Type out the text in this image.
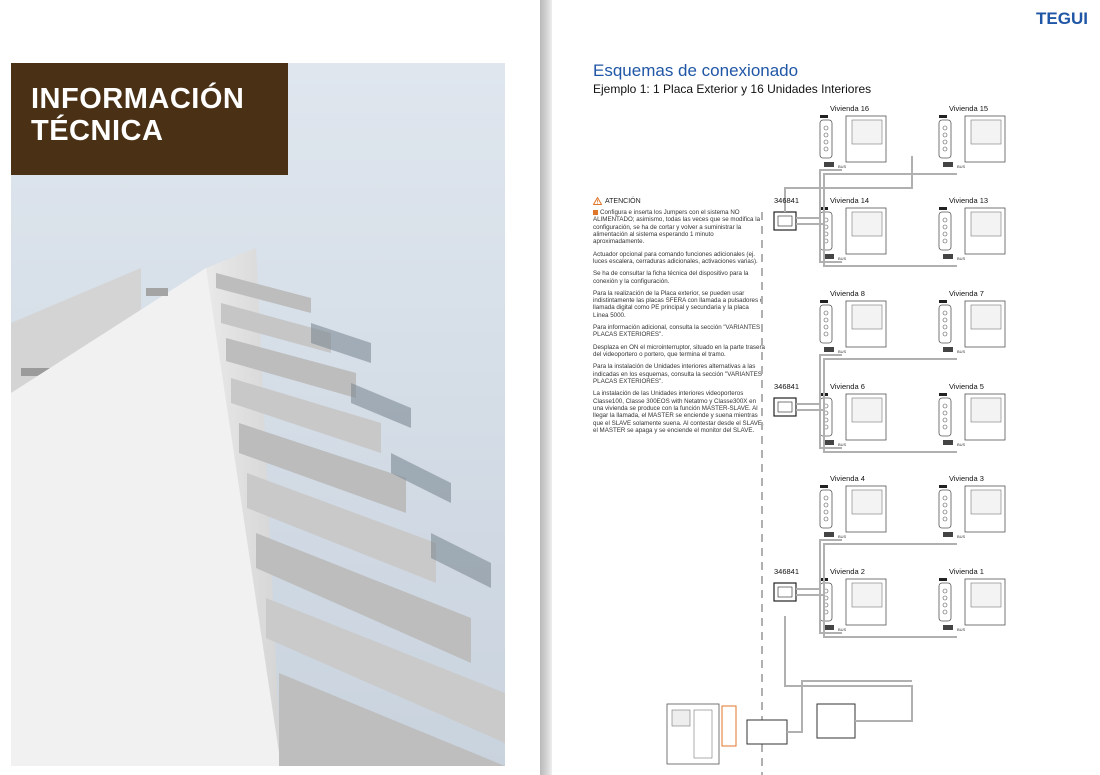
INFORMACIÓN
TÉCNICA
TEGUI
Esquemas de conexionado
Ejemplo 1: 1 Placa Exterior y 16 Unidades Interiores
ATENCIÓN

Configura e inserta los Jumpers con el sistema NO ALIMENTADO; asimismo, todas las veces que se modifica la configuración, se ha de cortar y volver a suministrar la alimentación al sistema esperando 1 minuto aproximadamente.

Actuador opcional para comando funciones adicionales (ej. luces escalera, cerraduras adicionales, activaciones varias).

Se ha de consultar la ficha técnica del dispositivo para la conexión y la configuración.

Para la realización de la Placa exterior, se pueden usar indistintamente las placas SFERA con llamada a pulsadores o llamada digital como PE principal y secundaria y la placa Línea 5000.

Para información adicional, consulta la sección "VARIANTES PLACAS EXTERIORES".

Desplaza en ON el microinterruptor, situado en la parte trasera del videoportero o portero, que termina el tramo.

Para la instalación de Unidades interiores alternativas a las indicadas en los esquemas, consulta la sección "VARIANTES PLACAS EXTERIORES".

La instalación de las Unidades interiores videoporteros Classe100, Classe 300EOS with Netatmo y Classe300X en una vivienda se produce con la función MASTER-SLAVE. Al llegar la llamada, el MASTER se enciende y suena mientras que el SLAVE solamente suena. Al contestar desde el SLAVE, el MASTER se apaga y se enciende el monitor del SLAVE.

BUS	BUS
BUS	BUS
BUS	BUS
BUS	BUS
BUS	BUS
BUS	BUS
Vivienda 16	Vivienda 15
Vivienda 14	Vivienda 13
Vivienda 8	Vivienda 7
Vivienda 6	Vivienda 5
Vivienda 4	Vivienda 3
Vivienda 2	Vivienda 1
346841
346841
346841
